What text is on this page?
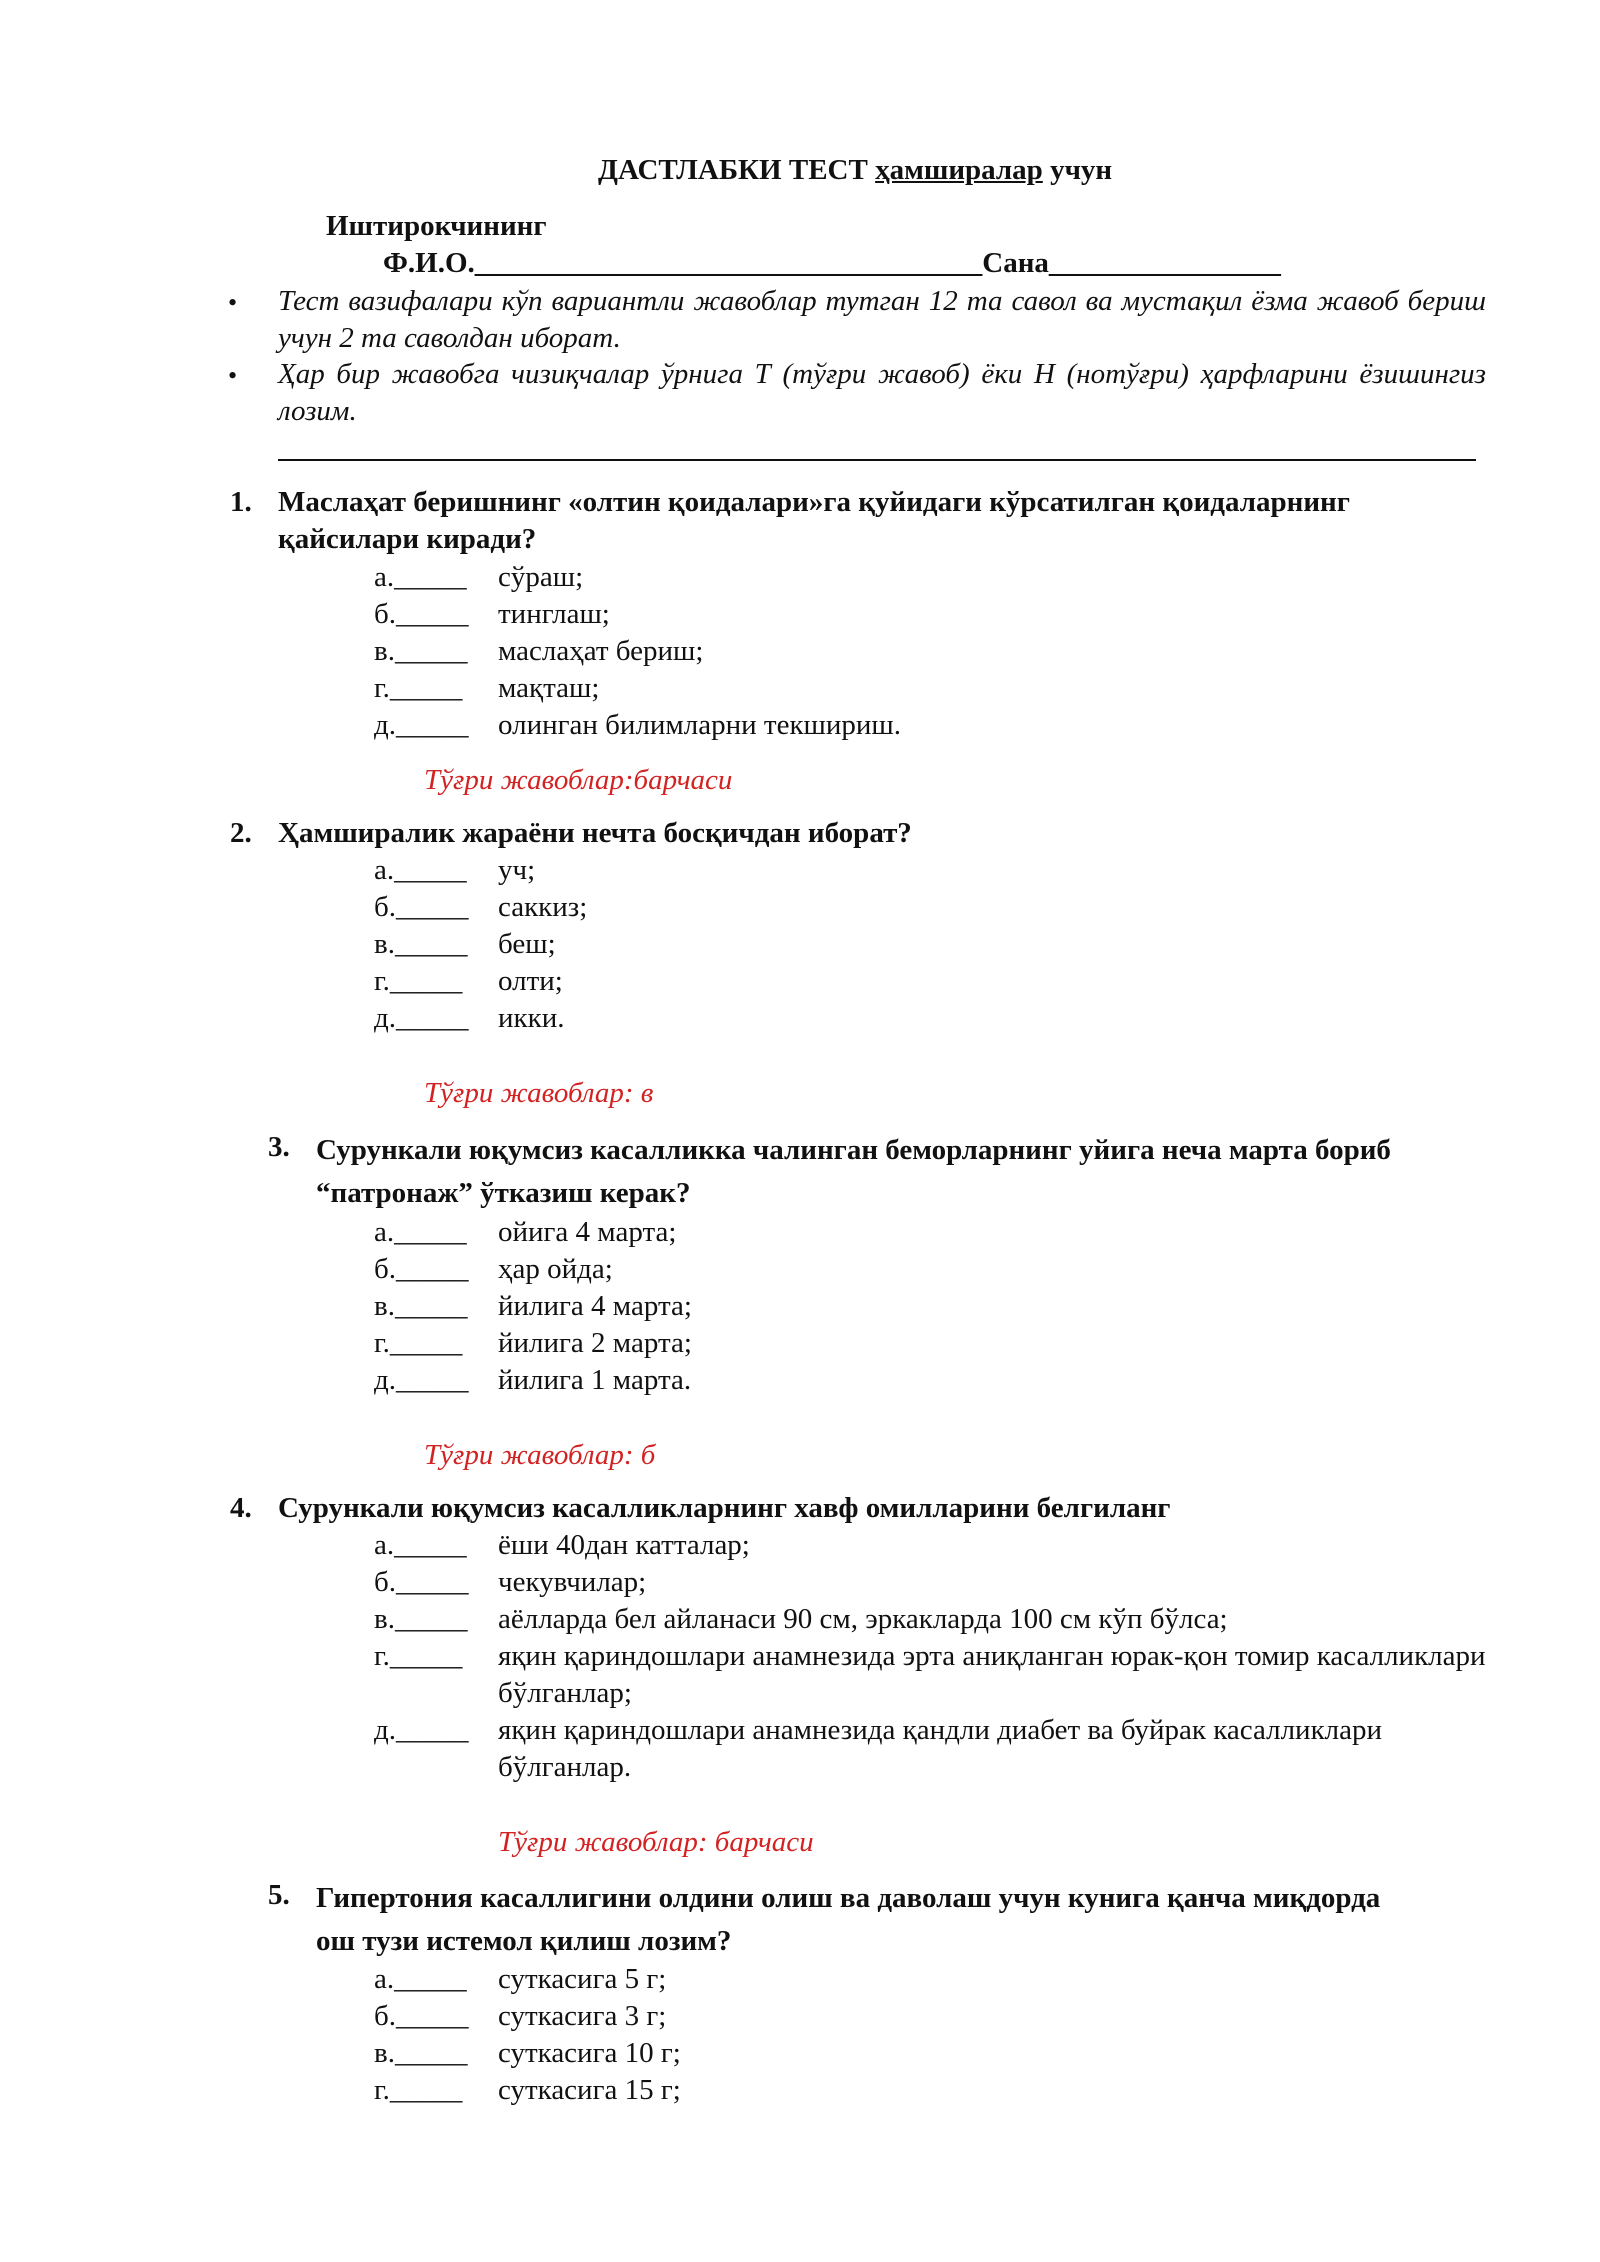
ДАСТЛАБКИ ТЕСТ ҳамширалар учун
Иштирокчининг
Ф.И.О.___________________________________Сана________________
• Тест вазифалари кўп вариантли жавоблар тутган 12 та савол ва мустақил ёзма жавоб бериш учун 2 та саволдан иборат.
• Ҳар бир жавобга чизиқчалар ўрнига Т (тўғри жавоб) ёки Н (нотўғри) ҳарфларини ёзишингиз лозим.
1. Маслаҳат беришнинг «олтин қоидалари»га қуйидаги кўрсатилган қоидаларнинг қайсилари киради?
а._____ сўраш;
б._____ тинглаш;
в._____ маслаҳат бериш;
г._____ мақташ;
д._____ олинган билимларни текшириш.
Тўғри жавоблар:барчаси
2. Ҳамширалик жараёни нечта босқичдан иборат?
а._____ уч;
б._____ саккиз;
в._____ беш;
г._____ олти;
д._____ икки.
Тўғри жавоблар: в
3. Сурункали юқумсиз касалликка чалинган беморларнинг уйига неча марта бориб “патронаж” ўтказиш керак?
а._____ ойига 4 марта;
б._____ ҳар ойда;
в._____ йилига 4 марта;
г._____ йилига 2 марта;
д._____ йилига 1 марта.
Тўғри жавоблар: б
4. Сурункали юқумсиз касалликларнинг хавф омилларини белгиланг
а._____ ёши 40дан катталар;
б._____ чекувчилар;
в._____ аёлларда бел айланаси 90 см, эркакларда 100 см кўп бўлса;
г._____ яқин қариндошлари анамнезида эрта аниқланган юрак-қон томир касалликлари бўлганлар;
д._____ яқин қариндошлари анамнезида қандли диабет ва буйрак касалликлари бўлганлар.
Тўғри жавоблар: барчаси
5. Гипертония касаллигини олдини олиш ва даволаш учун кунига қанча миқдорда ош тузи истемол қилиш лозим?
а._____ суткасига 5 г;
б._____ суткасига 3 г;
в._____ суткасига 10 г;
г._____ суткасига 15 г;
